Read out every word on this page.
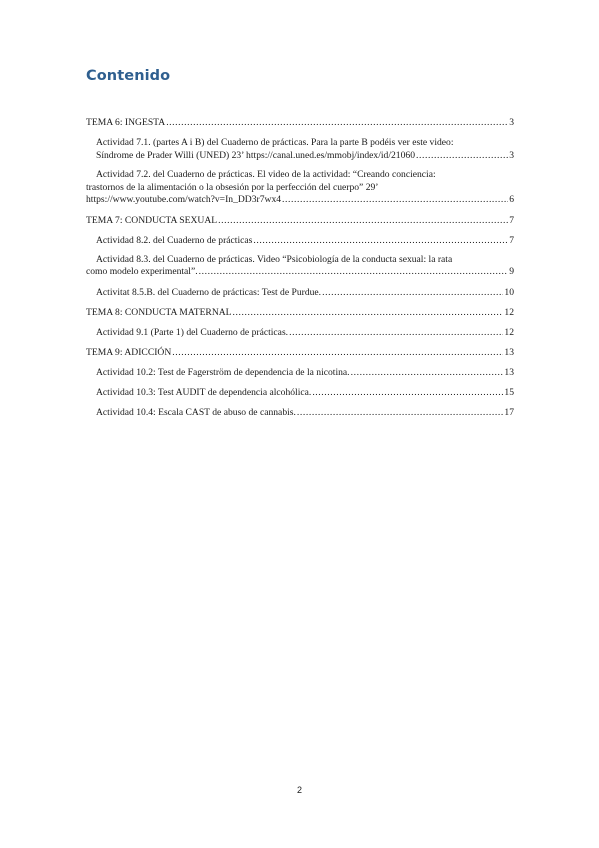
Contenido
TEMA 6: INGESTA .....	3
Actividad 7.1. (partes A i B) del Cuaderno de prácticas. Para la parte B podéis ver este video:
Síndrome de Prader Willi (UNED) 23’ https://canal.uned.es/mmobj/index/id/21060 .....	3
Actividad 7.2. del Cuaderno de prácticas. El video de la actividad: “Creando conciencia:
trastornos de la alimentación o la obsesión por la perfección del cuerpo” 29’
https://www.youtube.com/watch?v=In_DD3r7wx4 .....	6
TEMA 7: CONDUCTA SEXUAL .....	7
Actividad 8.2. del Cuaderno de prácticas .....	7
Actividad 8.3. del Cuaderno de prácticas. Video “Psicobiología de la conducta sexual: la rata
como modelo experimental”. .....	9
Activitat 8.5.B. del Cuaderno de prácticas: Test de Purdue. .....	10
TEMA 8: CONDUCTA MATERNAL .....	12
Actividad 9.1 (Parte 1) del Cuaderno de prácticas. .....	12
TEMA 9: ADICCIÓN .....	13
Actividad 10.2: Test de Fagerström de dependencia de la nicotina. .....	13
Actividad 10.3: Test AUDIT de dependencia alcohólica. .....	15
Actividad 10.4: Escala CAST de abuso de cannabis. .....	17
2
